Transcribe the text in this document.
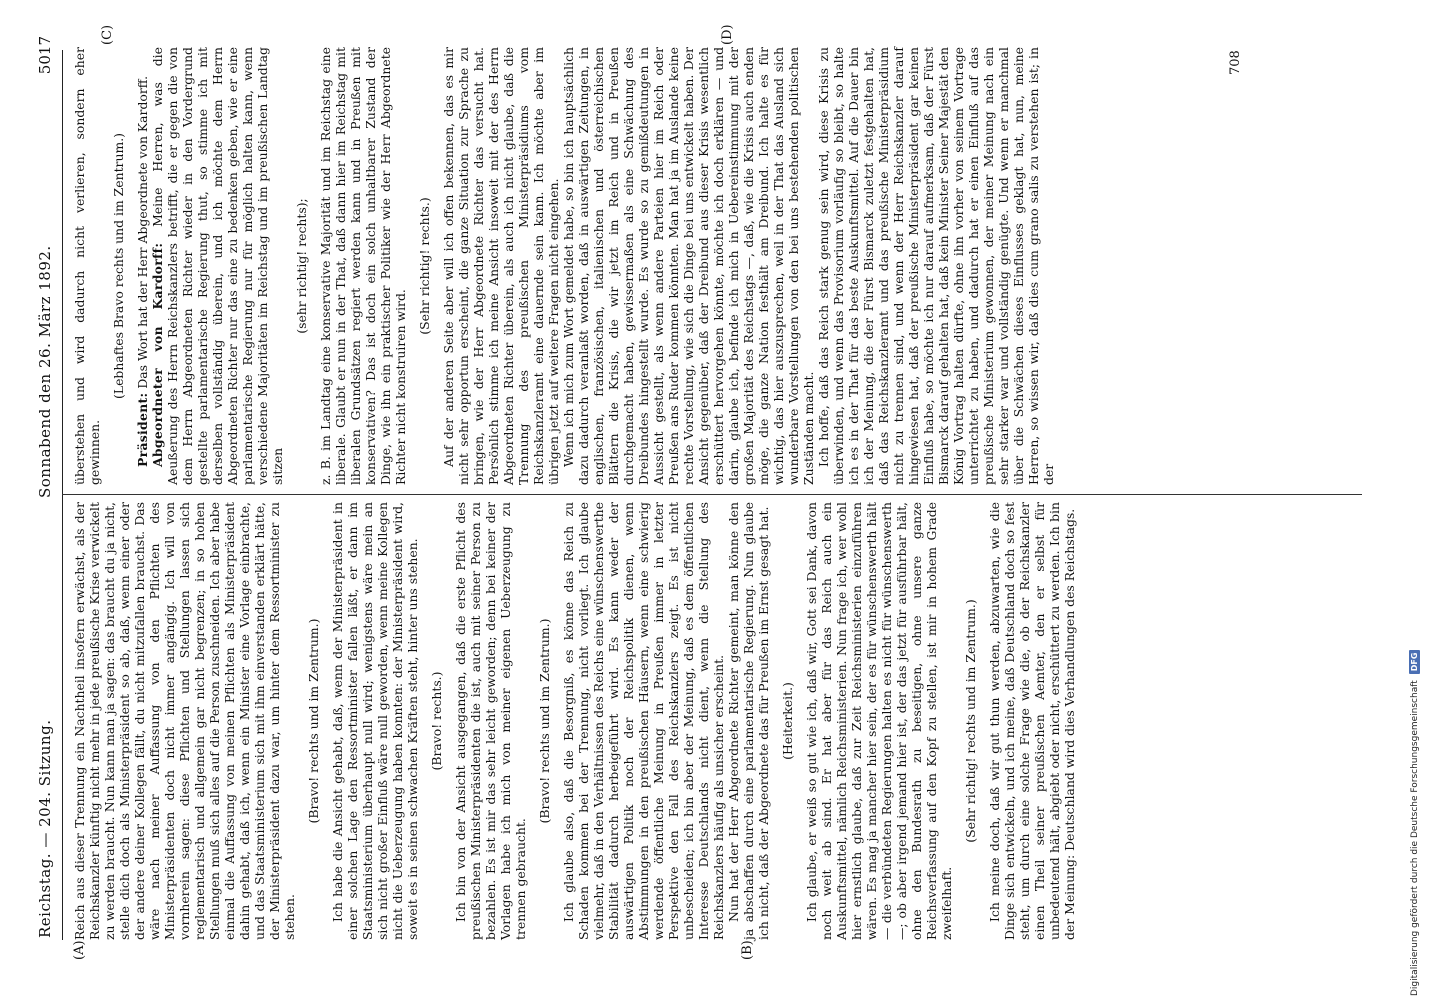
Reichstag. — 204. Sitzung.
Sonnabend den 26. März 1892.
5017
(A)	(B)
(C)	(D)

Reich aus dieser Trennung ein Nachtheil insofern erwächst, als der Reichskanzler künftig nicht mehr in jede preußische Krise verwickelt zu werden braucht. Nun kann man ja sagen: das braucht du ja nicht, stelle dich doch als Ministerpräsident so ab, daß, wenn einer oder der andere deiner Kollegen fällt, du nicht mitzufallen brauchst. Das wäre nach meiner Auffassung von den Pflichten des Ministerpräsidenten doch nicht immer angängig. Ich will von vornherein sagen: diese Pflichten und Stellungen lassen sich reglementarisch und allgemein gar nicht begrenzen; in so hohen Stellungen muß sich alles auf die Person zuschneiden. Ich aber habe einmal die Auffassung von meinen Pflichten als Ministerpräsident dahin gehabt, daß ich, wenn ein Minister eine Vorlage einbrachte, und das Staatsministerium sich mit ihm einverstanden erklärt hätte, der Ministerpräsident dazu war, um hinter dem Ressortminister zu stehen.

(Bravo! rechts und im Zentrum.) Ich habe die Ansicht gehabt, daß, wenn der Ministerpräsident in einer solchen Lage den Ressortminister fallen läßt, er dann im Staatsministerium überhaupt null wird; wenigstens wäre mein an sich nicht großer Einfluß wäre null geworden, wenn meine Kollegen nicht die Ueberzeugung haben konnten: der Ministerpräsident wird, soweit es in seinen schwachen Kräften steht, hinter uns stehen. (Bravo! rechts.) Ich bin von der Ansicht ausgegangen, daß die erste Pflicht des preußischen Ministerpräsidenten die ist, auch mit seiner Person zu bezahlen. Es ist mir das sehr leicht geworden; denn bei keiner der Vorlagen habe ich mich von meiner eigenen Ueberzeugung zu trennen gebraucht.

(Bravo! rechts und im Zentrum.) Ich glaube also, daß die Besorgniß, es könne das Reich zu Schaden kommen bei der Trennung, nicht vorliegt. Ich glaube vielmehr, daß in den Verhältnissen des Reichs eine wünschenswerthe Stabilität dadurch herbeigeführt wird. Es kann weder der auswärtigen Politik noch der Reichspolitik dienen, wenn Abstimmungen in den preußischen Häusern, wenn eine schwierig werdende öffentliche Meinung in Preußen immer in letzter Perspektive den Fall des Reichskanzlers zeigt. Es ist nicht unbescheiden; ich bin aber der Meinung, daß es dem öffentlichen Interesse Deutschlands nicht dient, wenn die Stellung des Reichskanzlers häufig als unsicher erscheint. Nun hat der Herr Abgeordnete Richter gemeint, man könne den ja abschaffen durch eine parlamentarische Regierung. Nun glaube ich nicht, daß der Abgeordnete das für Preußen im Ernst gesagt hat. (Heiterkeit.) Ich glaube, er weiß so gut wie ich, daß wir, Gott sei Dank, davon noch weit ab sind. Er hat aber für das Reich auch ein Auskunftsmittel, nämlich Reichsministerien. Nun frage ich, wer wohl hier ernstlich glaube, daß zur Zeit Reichsministerien einzuführen wären. Es mag ja mancher hier sein, der es für wünschenswerth hält — die verbündeten Regierungen halten es nicht für wünschenswerth —; ob aber irgend jemand hier ist, der das jetzt für ausführbar hält, ohne den Bundesrath zu beseitigen, ohne unsere ganze Reichsverfassung auf den Kopf zu stellen, ist mir in hohem Grade zweifelhaft.

(Sehr richtig! rechts und im Zentrum.) Ich meine doch, daß wir gut thun werden, abzuwarten, wie die Dinge sich entwickeln, und ich meine, daß Deutschland doch so fest steht, um durch eine solche Frage wie die, ob der Reichskanzler einen Theil seiner preußischen Aemter, den er selbst für unbedeutend hält, abgiebt oder nicht, erschüttert zu werden. Ich bin der Meinung: Deutschland wird dies Verhandlungen des Reichstags.

überstehen und wird dadurch nicht verlieren, sondern eher gewinnen.

(Lebhaftes Bravo rechts und im Zentrum.)

Präsident: Das Wort hat der Herr Abgeordnete von Kardorff. Abgeordneter von Kardorff: Meine Herren, was die Aeußerung des Herrn Reichskanzlers betrifft, die er gegen die von dem Herrn Abgeordneten Richter wieder in den Vordergrund gestellte parlamentarische Regierung thut, so stimme ich mit derselben vollständig überein, und ich möchte dem Herrn Abgeordneten Richter nur das eine zu bedenken geben, wie er eine parlamentarische Regierung nur für möglich halten kann, wenn verschiedene Majoritäten im Reichstag und im preußischen Landtag sitzen

(sehr richtig! rechts); z. B. im Landtag eine konservative Majorität und im Reichstag eine liberale. Glaubt er nun in der That, daß dann hier im Reichstag mit liberalen Grundsätzen regiert werden kann und in Preußen mit konservativen? Das ist doch ein solch unhaltbarer Zustand der Dinge, wie ihn ein praktischer Politiker wie der Herr Abgeordnete Richter nicht konstruiren wird.

(Sehr richtig! rechts.) Auf der anderen Seite aber will ich offen bekennen, das es mir nicht sehr opportun erscheint, die ganze Situation zur Sprache zu bringen, wie der Herr Abgeordnete Richter das versucht hat. Persönlich stimme ich meine Ansicht insoweit mit der des Herrn Abgeordneten Richter überein, als auch ich nicht glaube, daß die Trennung des preußischen Ministerpräsidiums vom Reichskanzleramt eine dauernde sein kann. Ich möchte aber im übrigen jetzt auf weitere Fragen nicht eingehen. Wenn ich mich zum Wort gemeldet habe, so bin ich hauptsächlich dazu dadurch veranlaßt worden, daß in auswärtigen Zeitungen, in englischen, französischen, italienischen und österreichischen Blättern die Krisis, die wir jetzt im Reich und in Preußen durchgemacht haben, gewissermaßen als eine Schwächung des Dreibundes hingestellt wurde. Es wurde so zu gemißdeutungen in Aussicht gestellt, als wenn andere Parteien hier im Reich oder Preußen ans Ruder kommen könnten. Man hat ja im Auslande keine rechte Vorstellung, wie sich die Dinge bei uns entwickelt haben. Der Ansicht gegenüber, daß der Dreibund aus dieser Krisis wesentlich erschüttert hervorgehen könnte, möchte ich doch erklären — und darin, glaube ich, befinde ich mich in Uebereinstimmung mit der großen Majorität des Reichstags —, daß, wie die Krisis auch enden möge, die ganze Nation festhält am Dreibund. Ich halte es für wichtig, das hier auszusprechen, weil in der That das Ausland sich wunderbare Vorstellungen von den bei uns bestehenden politischen Zuständen macht. Ich hoffe, daß das Reich stark genug sein wird, diese Krisis zu überwinden, und wenn das Provisorium vorläufig so bleibt, so halte ich es in der That für das beste Auskunftsmittel. Auf die Dauer bin ich der Meinung, die der Fürst Bismarck zuletzt festgehalten hat, daß das Reichskanzleramt und das preußische Ministerpräsidium nicht zu trennen sind, und wenn der Herr Reichskanzler darauf hingewiesen hat, daß der preußische Ministerpräsident gar keinen Einfluß habe, so möchte ich nur darauf aufmerksam, daß der Fürst Bismarck darauf gehalten hat, daß kein Minister Seiner Majestät den König Vortrag halten dürfte, ohne ihn vorher von seinem Vortrage unterrichtet zu haben, und dadurch hat er einen Einfluß auf das preußische Ministerium gewonnen, der meiner Meinung nach ein sehr starker war und vollständig genügte. Und wenn er manchmal über die Schwächen dieses Einflusses geklagt hat, nun, meine Herren, so wissen wir, daß dies cum grano salis zu verstehen ist; in der

708
Digitalisierung gefördert durch die Deutsche Forschungsgemeinschaft
DFG
